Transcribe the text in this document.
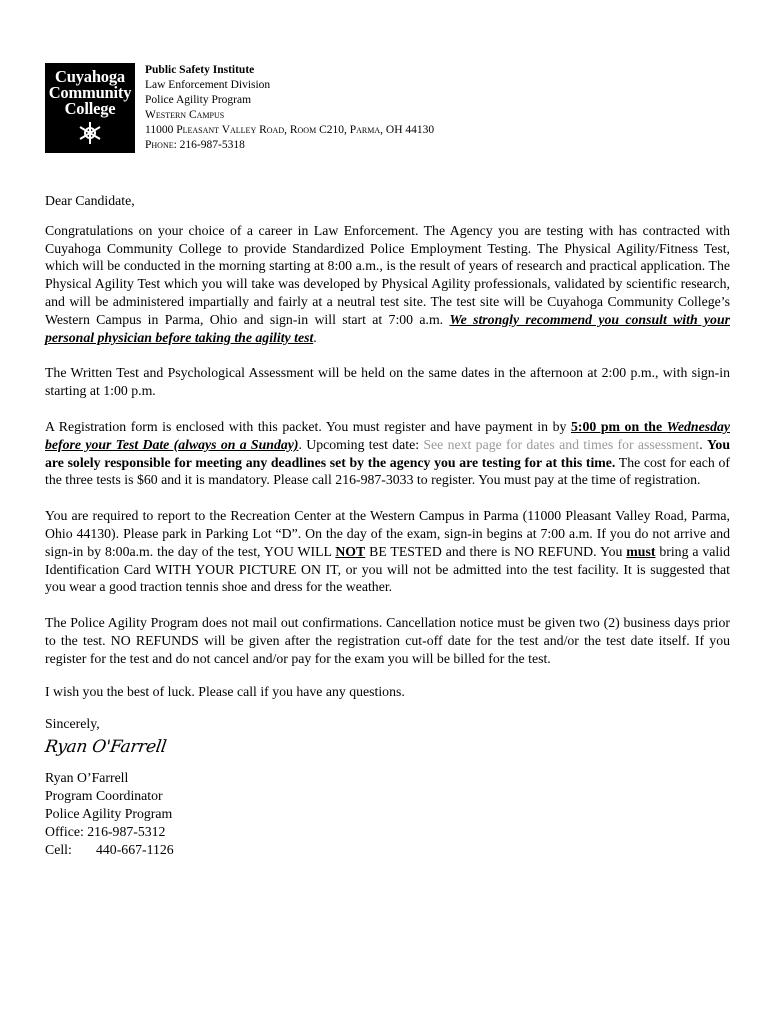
Cuyahoga
Community
College
Public Safety Institute
Law Enforcement Division
Police Agility Program
Western Campus
11000 Pleasant Valley Road, Room C210, Parma, OH 44130
Phone: 216-987-5318

Dear Candidate,

Congratulations on your choice of a career in Law Enforcement. The Agency you are testing with has contracted with Cuyahoga Community College to provide Standardized Police Employment Testing. The Physical Agility/Fitness Test, which will be conducted in the morning starting at 8:00 a.m., is the result of years of research and practical application. The Physical Agility Test which you will take was developed by Physical Agility professionals, validated by scientific research, and will be administered impartially and fairly at a neutral test site. The test site will be Cuyahoga Community College’s Western Campus in Parma, Ohio and sign-in will start at 7:00 a.m. We strongly recommend you consult with your personal physician before taking the agility test.

The Written Test and Psychological Assessment will be held on the same dates in the afternoon at 2:00 p.m., with sign-in starting at 1:00 p.m.

A Registration form is enclosed with this packet. You must register and have payment in by 5:00 pm on the Wednesday before your Test Date (always on a Sunday). Upcoming test date: See next page for dates and times for assessment. You are solely responsible for meeting any deadlines set by the agency you are testing for at this time. The cost for each of the three tests is $60 and it is mandatory. Please call 216-987-3033 to register. You must pay at the time of registration.

You are required to report to the Recreation Center at the Western Campus in Parma (11000 Pleasant Valley Road, Parma, Ohio 44130). Please park in Parking Lot “D”. On the day of the exam, sign-in begins at 7:00 a.m. If you do not arrive and sign-in by 8:00a.m. the day of the test, YOU WILL NOT BE TESTED and there is NO REFUND. You must bring a valid Identification Card WITH YOUR PICTURE ON IT, or you will not be admitted into the test facility. It is suggested that you wear a good traction tennis shoe and dress for the weather.

The Police Agility Program does not mail out confirmations. Cancellation notice must be given two (2) business days prior to the test. NO REFUNDS will be given after the registration cut-off date for the test and/or the test date itself. If you register for the test and do not cancel and/or pay for the exam you will be billed for the test.

I wish you the best of luck. Please call if you have any questions.

Sincerely,

Ryan O'Farrell
Ryan O’Farrell
Program Coordinator
Police Agility Program
Office: 216-987-5312
Cell: 440-667-1126
